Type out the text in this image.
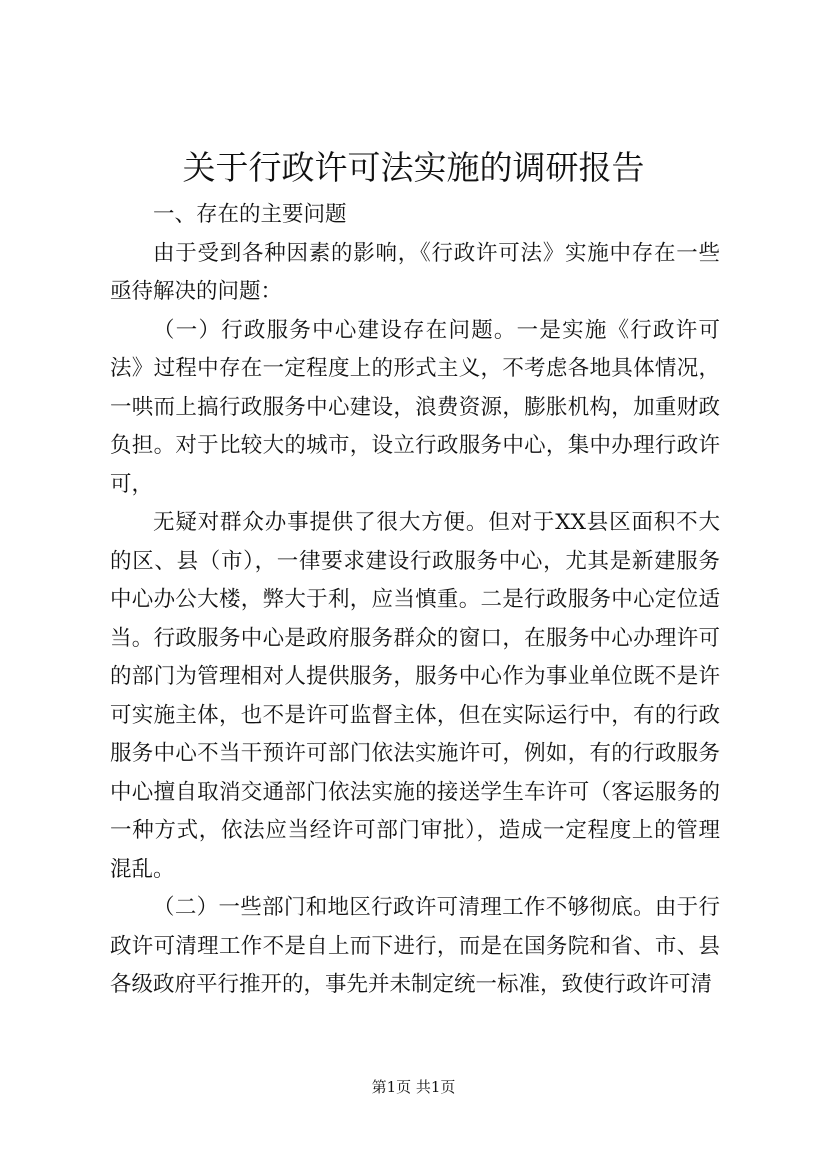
关于行政许可法实施的调研报告

一、存在的主要问题

由于受到各种因素的影响，《行政许可法》实施中存在一些亟待解决的问题：

（一）行政服务中心建设存在问题。一是实施《行政许可法》过程中存在一定程度上的形式主义，不考虑各地具体情况，一哄而上搞行政服务中心建设，浪费资源，膨胀机构，加重财政负担。对于比较大的城市，设立行政服务中心，集中办理行政许可，

无疑对群众办事提供了很大方便。但对于XX县区面积不大的区、县（市），一律要求建设行政服务中心，尤其是新建服务中心办公大楼，弊大于利，应当慎重。二是行政服务中心定位适当。行政服务中心是政府服务群众的窗口，在服务中心办理许可的部门为管理相对人提供服务，服务中心作为事业单位既不是许可实施主体，也不是许可监督主体，但在实际运行中，有的行政服务中心不当干预许可部门依法实施许可，例如，有的行政服务中心擅自取消交通部门依法实施的接送学生车许可（客运服务的一种方式，依法应当经许可部门审批），造成一定程度上的管理混乱。

（二）一些部门和地区行政许可清理工作不够彻底。由于行政许可清理工作不是自上而下进行，而是在国务院和省、市、县各级政府平行推开的，事先并未制定统一标准，致使行政许可清

第1页 共1页
